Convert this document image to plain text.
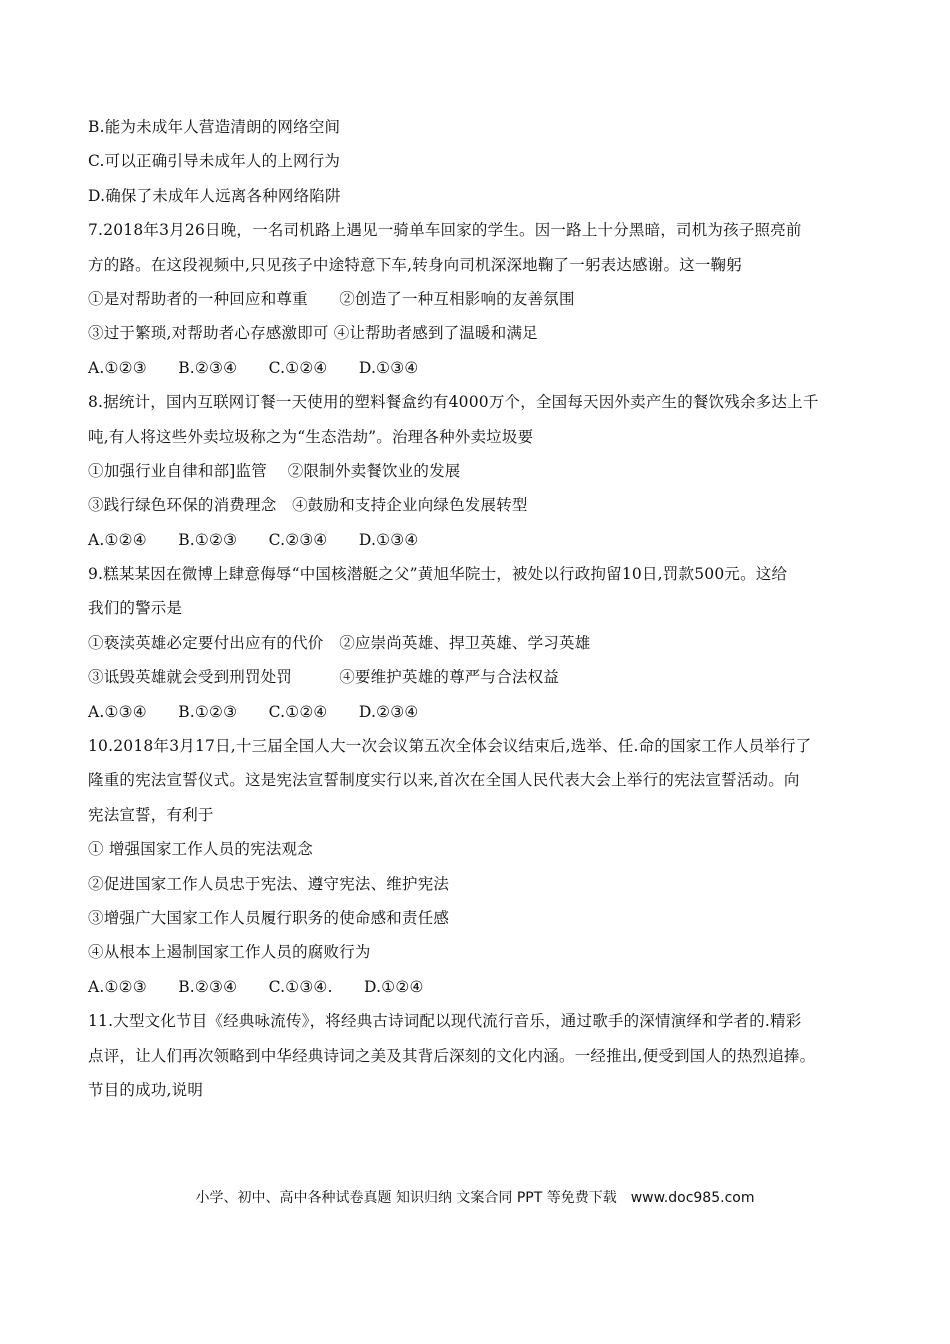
B.能为未成年人营造清朗的网络空间
C.可以正确引导未成年人的上网行为
D.确保了未成年人远离各种网络陷阱
7.2018年3月26日晚，一名司机路上遇见一骑单车回家的学生。因一路上十分黑暗，司机为孩子照亮前
方的路。在这段视频中,只见孩子中途特意下车,转身向司机深深地鞠了一躬表达感谢。这一鞠躬
①是对帮助者的一种回应和尊重　　②创造了一种互相影响的友善氛围
③过于繁琐,对帮助者心存感激即可 ④让帮助者感到了温暖和满足
A.①②③　　B.②③④　　C.①②④　　D.①③④
8.据统计，国内互联网订餐一天使用的塑料餐盒约有4000万个，全国每天因外卖产生的餐饮残余多达上千
吨,有人将这些外卖垃圾称之为“生态浩劫”。治理各种外卖垃圾要
①加强行业自律和部]监管　 ②限制外卖餐饮业的发展
③践行绿色环保的消费理念　④鼓励和支持企业向绿色发展转型
A.①②④　　B.①②③　　C.②③④　　D.①③④
9.糕某某因在微博上肆意侮辱“中国核潜艇之父”黄旭华院士，被处以行政拘留10日,罚款500元。这给
我们的警示是
①亵渎英雄必定要付出应有的代价　②应崇尚英雄、捍卫英雄、学习英雄
③诋毁英雄就会受到刑罚处罚　　　④要维护英雄的尊严与合法权益
A.①③④　　B.①②③　　C.①②④　　D.②③④
10.2018年3月17日,十三届全国人大一次会议第五次全体会议结束后,选举、任.命的国家工作人员举行了
隆重的宪法宣誓仪式。这是宪法宣誓制度实行以来,首次在全国人民代表大会上举行的宪法宣誓活动。向
宪法宣誓，有利于
① 增强国家工作人员的宪法观念
②促进国家工作人员忠于宪法、遵守宪法、维护宪法
③增强广大国家工作人员履行职务的使命感和责任感
④从根本上遏制国家工作人员的腐败行为
A.①②③　　B.②③④　　C.①③④.　　D.①②④
11.大型文化节目《经典咏流传》，将经典古诗词配以现代流行音乐，通过歌手的深情演绎和学者的.精彩
点评，让人们再次领略到中华经典诗词之美及其背后深刻的文化内涵。一经推出,便受到国人的热烈追捧。
节目的成功,说明
小学、初中、高中各种试卷真题 知识归纳 文案合同 PPT 等免费下载　www.doc985.com
